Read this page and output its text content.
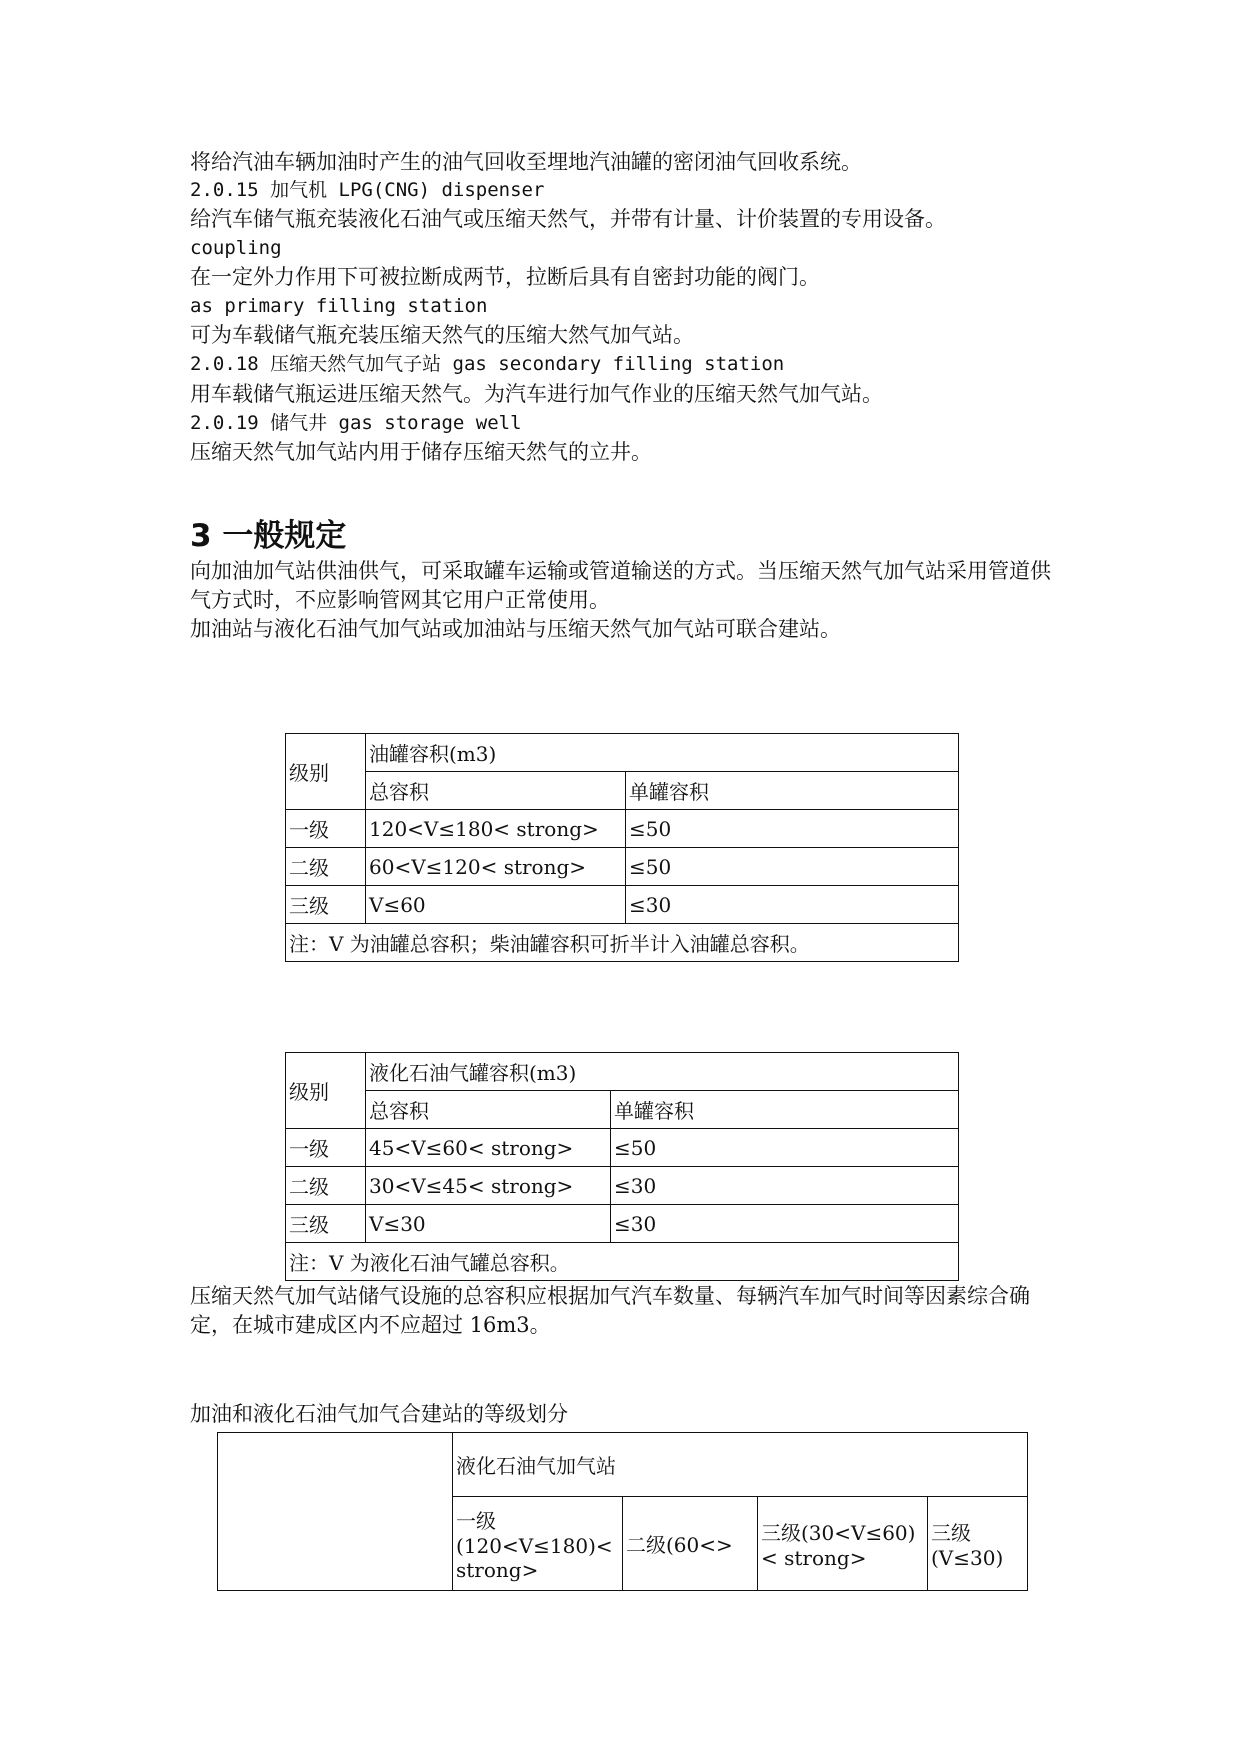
将给汽油车辆加油时产生的油气回收至埋地汽油罐的密闭油气回收系统。
2.0.15 加气机 LPG(CNG) dispenser
给汽车储气瓶充装液化石油气或压缩天然气，并带有计量、计价装置的专用设备。
coupling
在一定外力作用下可被拉断成两节，拉断后具有自密封功能的阀门。
as primary filling station
可为车载储气瓶充装压缩天然气的压缩大然气加气站。
2.0.18 压缩天然气加气子站 gas secondary filling station
用车载储气瓶运进压缩天然气。为汽车进行加气作业的压缩天然气加气站。
2.0.19 储气井 gas storage well
压缩天然气加气站内用于储存压缩天然气的立井。
3 一般规定
向加油加气站供油供气，可采取罐车运输或管道输送的方式。当压缩天然气加气站采用管道供气方式时，不应影响管网其它用户正常使用。
加油站与液化石油气加气站或加油站与压缩天然气加气站可联合建站。
级别	油罐容积(m3)	
	总容积	单罐容积
一级	120<V≤180< strong>	≤50
二级	60<V≤120< strong>	≤50
三级	V≤60	≤30
注：V 为油罐总容积；柴油罐容积可折半计入油罐总容积。		
级别	液化石油气罐容积(m3)	
	总容积	单罐容积
一级	45<V≤60< strong>	≤50
二级	30<V≤45< strong>	≤30
三级	V≤30	≤30
注：V 为液化石油气罐总容积。		
压缩天然气加气站储气设施的总容积应根据加气汽车数量、每辆汽车加气时间等因素综合确定，在城市建成区内不应超过 16m3。
加油和液化石油气加气合建站的等级划分
	液化石油气加气站			
	一级(120<V≤180)< strong>	二级(60<>	三级(30<V≤60)< strong>	三级(V≤30)
